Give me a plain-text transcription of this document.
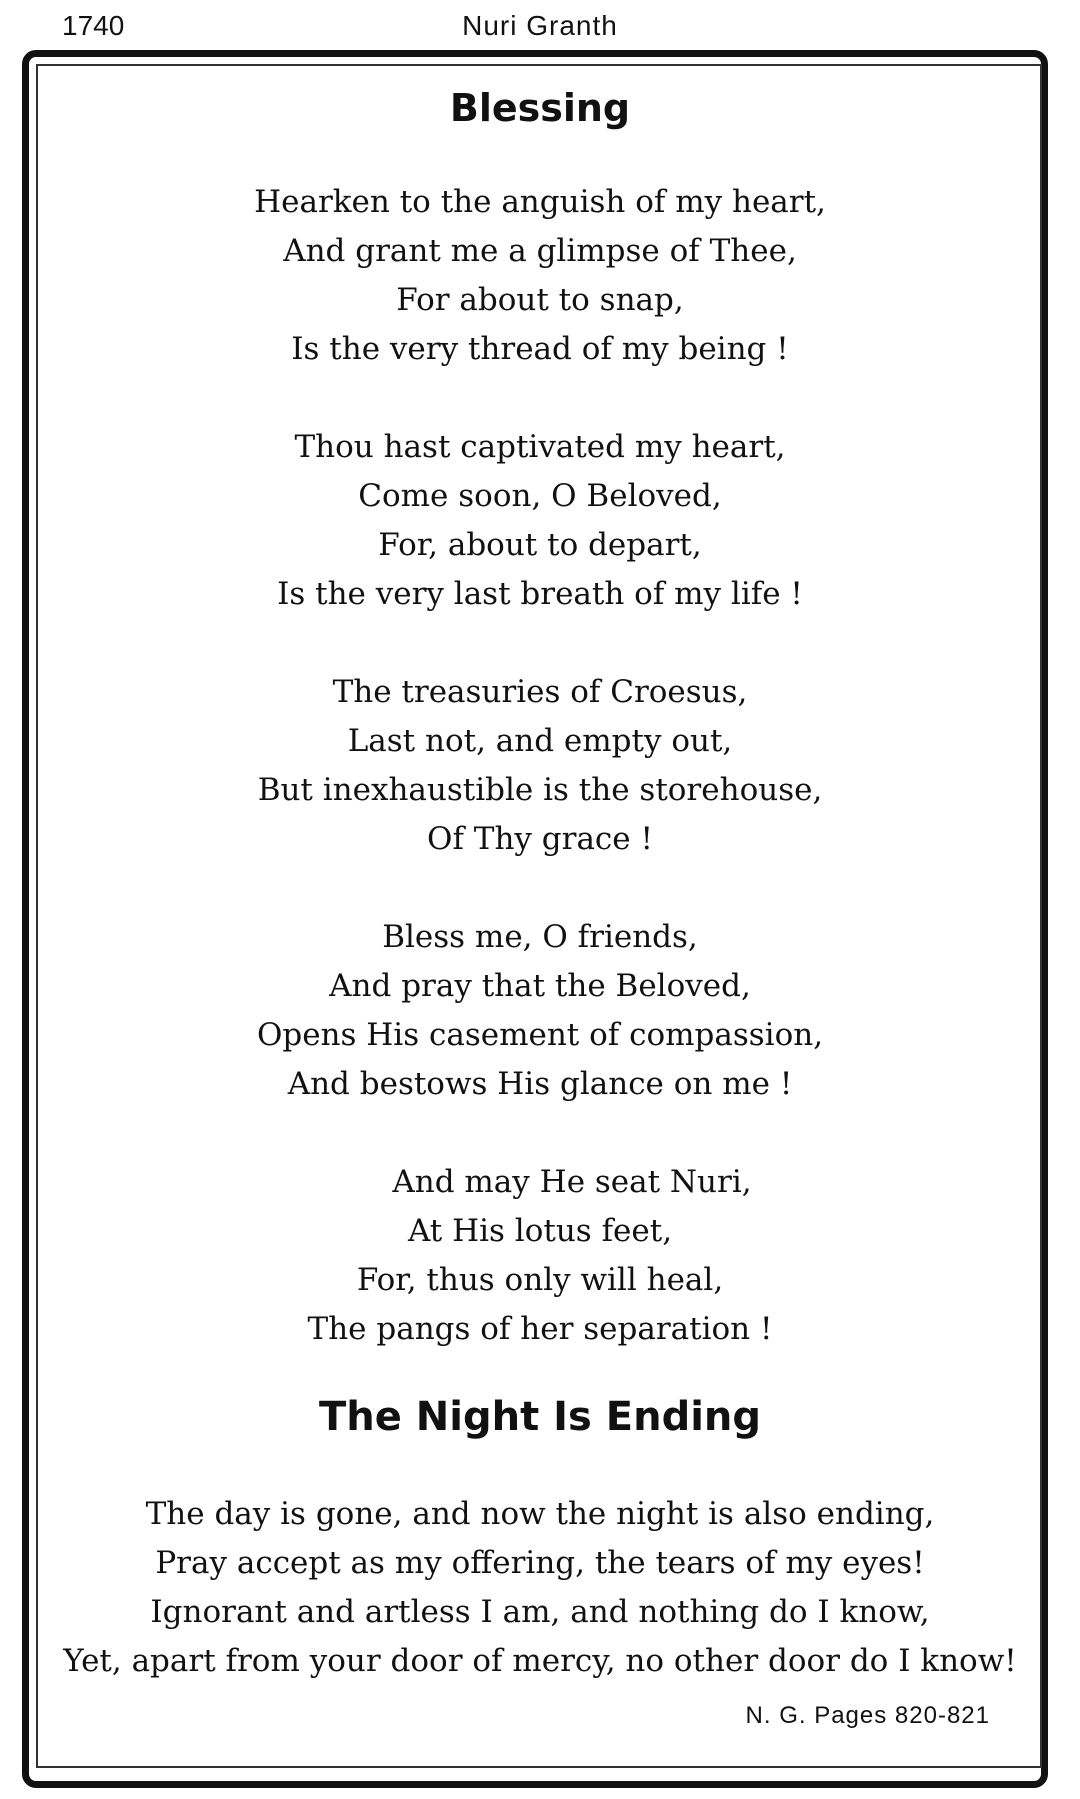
1740	Nuri Granth
Blessing
Hearken to the anguish of my heart,
And grant me a glimpse of Thee,
For about to snap,
Is the very thread of my being !
Thou hast captivated my heart,
Come soon, O Beloved,
For, about to depart,
Is the very last breath of my life !
The treasuries of Croesus,
Last not, and empty out,
But inexhaustible is the storehouse,
Of Thy grace !
Bless me, O friends,
And pray that the Beloved,
Opens His casement of compassion,
And bestows His glance on me !
And may He seat Nuri,
At His lotus feet,
For, thus only will heal,
The pangs of her separation !
The Night Is Ending
The day is gone, and now the night is also ending,
Pray accept as my offering, the tears of my eyes!
Ignorant and artless I am, and nothing do I know,
Yet, apart from your door of mercy, no other door do I know!
N. G. Pages 820-821
